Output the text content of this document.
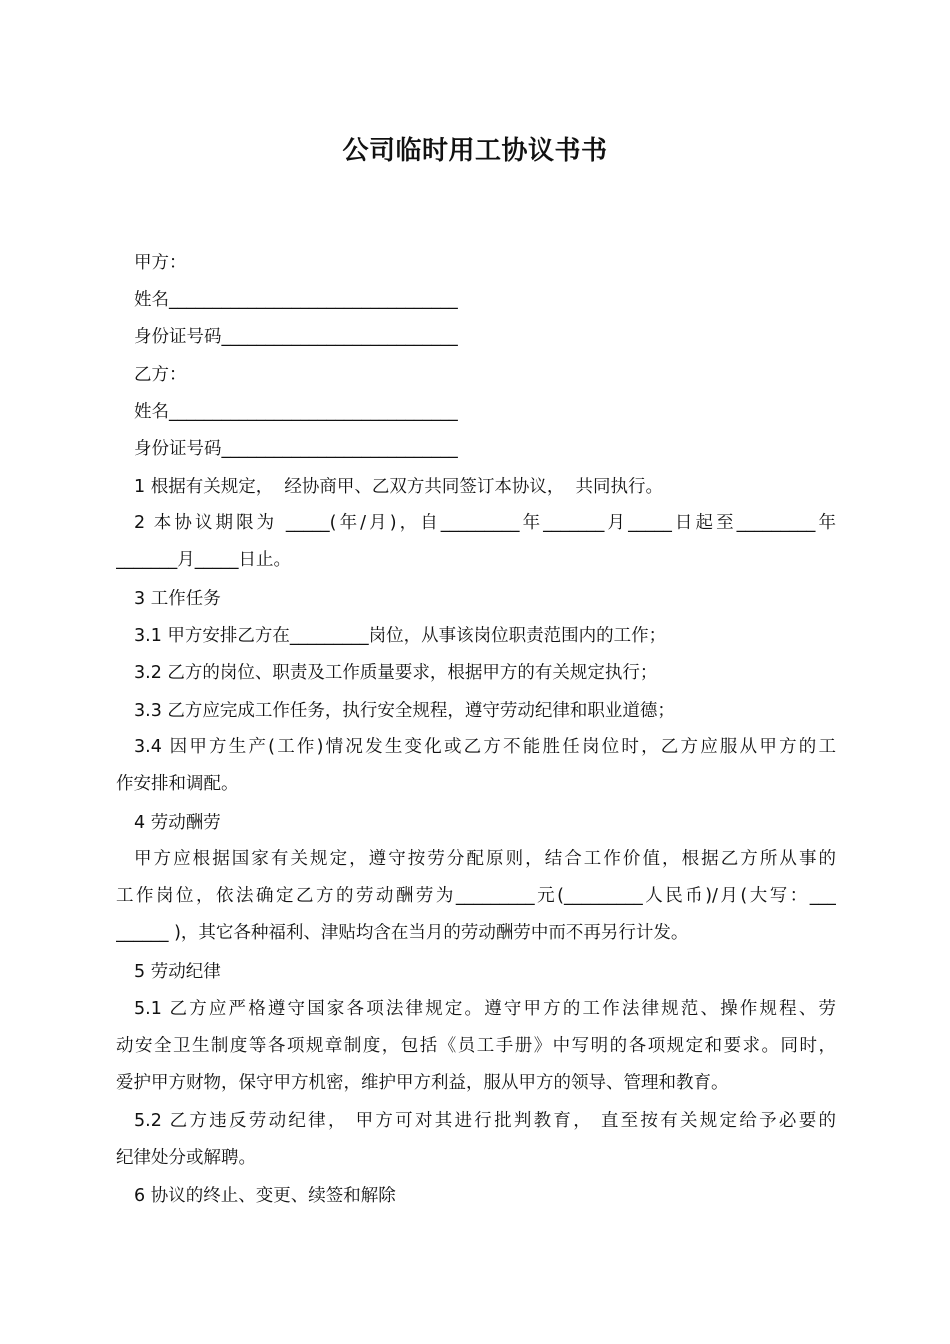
公司临时用工协议书书

甲方：

姓名_________________________________

身份证号码___________________________

乙方：

姓名_________________________________

身份证号码___________________________

1 根据有关规定，  经协商甲、乙双方共同签订本协议，  共同执行。

2 本协议期限为 _____(年/月)，自_________年_______月_____日起至_________年
_______月_____日止。

3 工作任务

3.1 甲方安排乙方在_________岗位，从事该岗位职责范围内的工作；

3.2 乙方的岗位、职责及工作质量要求，根据甲方的有关规定执行；

3.3 乙方应完成工作任务，执行安全规程，遵守劳动纪律和职业道德；

3.4 因甲方生产(工作)情况发生变化或乙方不能胜任岗位时，乙方应服从甲方的工
作安排和调配。

4 劳动酬劳

甲方应根据国家有关规定，遵守按劳分配原则，结合工作价值，根据乙方所从事的
工作岗位，依法确定乙方的劳动酬劳为_________元(_________人民币)/月(大写：___
______ )，其它各种福利、津贴均含在当月的劳动酬劳中而不再另行计发。

5 劳动纪律

5.1 乙方应严格遵守国家各项法律规定。遵守甲方的工作法律规范、操作规程、劳
动安全卫生制度等各项规章制度，包括《员工手册》中写明的各项规定和要求。同时，
爱护甲方财物，保守甲方机密，维护甲方利益，服从甲方的领导、管理和教育。
5.2 乙方违反劳动纪律， 甲方可对其进行批判教育， 直至按有关规定给予必要的
纪律处分或解聘。

6 协议的终止、变更、续签和解除
